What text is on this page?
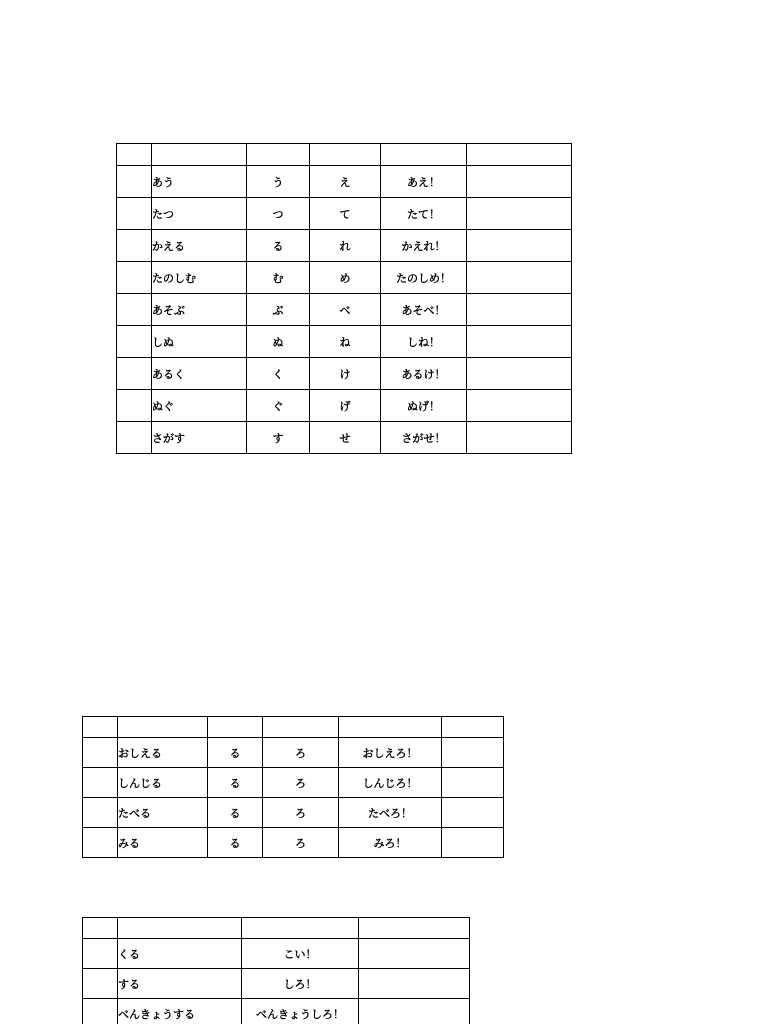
	あう	う	え	あえ！	
	たつ	つ	て	たて！	
	かえる	る	れ	かえれ！	
	たのしむ	む	め	たのしめ！	
	あそぶ	ぶ	べ	あそべ！	
	しぬ	ぬ	ね	しね！	
	あるく	く	け	あるけ！	
	ぬぐ	ぐ	げ	ぬげ！	
	さがす	す	せ	さがせ！	

	おしえる	る	ろ	おしえろ！	
	しんじる	る	ろ	しんじろ！	
	たべる	る	ろ	たべろ！	
	みる	る	ろ	みろ！	

	くる	こい！	
	する	しろ！	
	べんきょうする	べんきょうしろ！	
